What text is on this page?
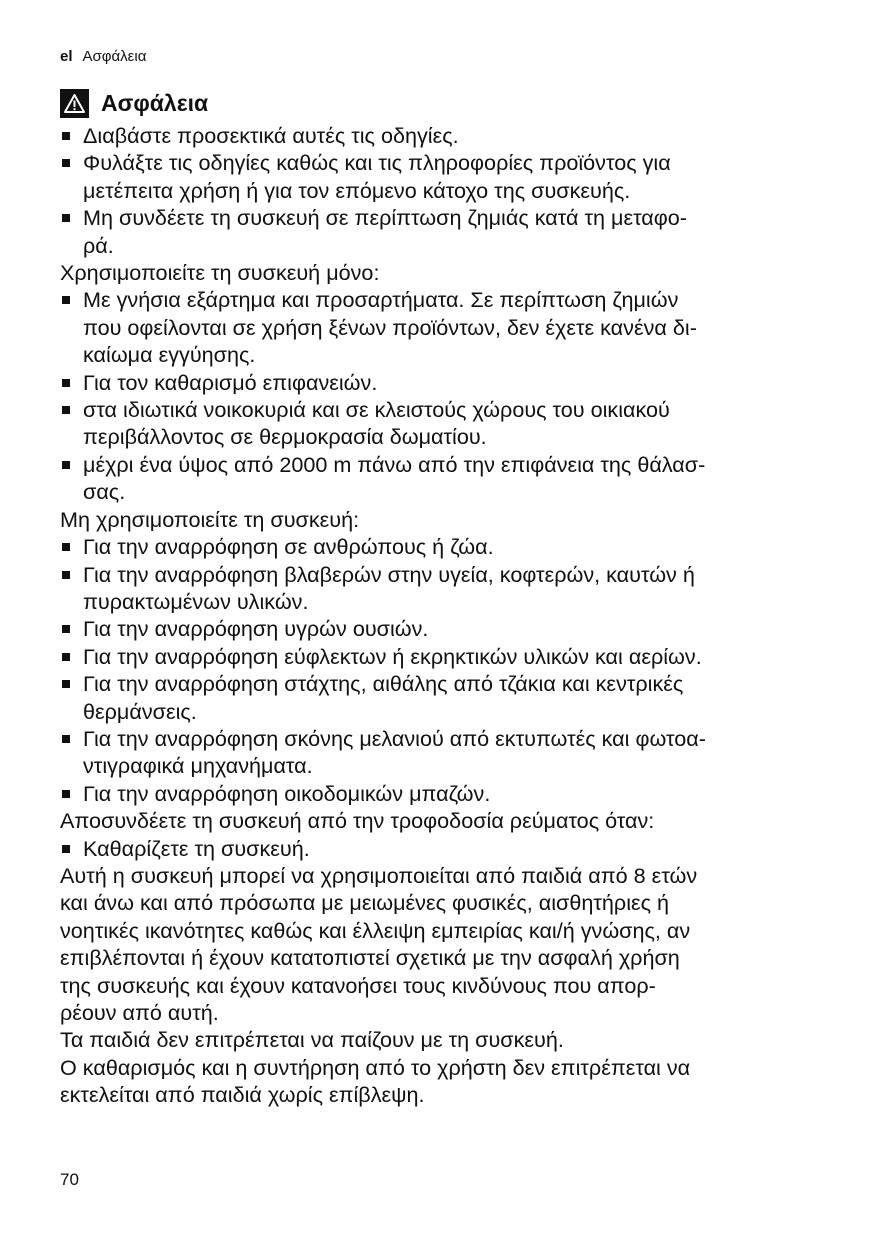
el Ασφάλεια
Ασφάλεια
Διαβάστε προσεκτικά αυτές τις οδηγίες.
Φυλάξτε τις οδηγίες καθώς και τις πληροφορίες προϊόντος για
μετέπειτα χρήση ή για τον επόμενο κάτοχο της συσκευής.
Μη συνδέετε τη συσκευή σε περίπτωση ζημιάς κατά τη μεταφο-
ρά.
Χρησιμοποιείτε τη συσκευή μόνο:
Με γνήσια εξάρτημα και προσαρτήματα. Σε περίπτωση ζημιών
που οφείλονται σε χρήση ξένων προϊόντων, δεν έχετε κανένα δι-
καίωμα εγγύησης.
Για τον καθαρισμό επιφανειών.
στα ιδιωτικά νοικοκυριά και σε κλειστούς χώρους του οικιακού
περιβάλλοντος σε θερμοκρασία δωματίου.
μέχρι ένα ύψος από 2000 m πάνω από την επιφάνεια της θάλασ-
σας.
Μη χρησιμοποιείτε τη συσκευή:
Για την αναρρόφηση σε ανθρώπους ή ζώα.
Για την αναρρόφηση βλαβερών στην υγεία, κοφτερών, καυτών ή
πυρακτωμένων υλικών.
Για την αναρρόφηση υγρών ουσιών.
Για την αναρρόφηση εύφλεκτων ή εκρηκτικών υλικών και αερίων.
Για την αναρρόφηση στάχτης, αιθάλης από τζάκια και κεντρικές
θερμάνσεις.
Για την αναρρόφηση σκόνης μελανιού από εκτυπωτές και φωτοα-
ντιγραφικά μηχανήματα.
Για την αναρρόφηση οικοδομικών μπαζών.
Αποσυνδέετε τη συσκευή από την τροφοδοσία ρεύματος όταν:
Καθαρίζετε τη συσκευή.
Αυτή η συσκευή μπορεί να χρησιμοποιείται από παιδιά από 8 ετών
και άνω και από πρόσωπα με μειωμένες φυσικές, αισθητήριες ή
νοητικές ικανότητες καθώς και έλλειψη εμπειρίας και/ή γνώσης, αν
επιβλέπονται ή έχουν κατατοπιστεί σχετικά με την ασφαλή χρήση
της συσκευής και έχουν κατανοήσει τους κινδύνους που απορ-
ρέουν από αυτή.
Τα παιδιά δεν επιτρέπεται να παίζουν με τη συσκευή.
Ο καθαρισμός και η συντήρηση από το χρήστη δεν επιτρέπεται να
εκτελείται από παιδιά χωρίς επίβλεψη.
70
